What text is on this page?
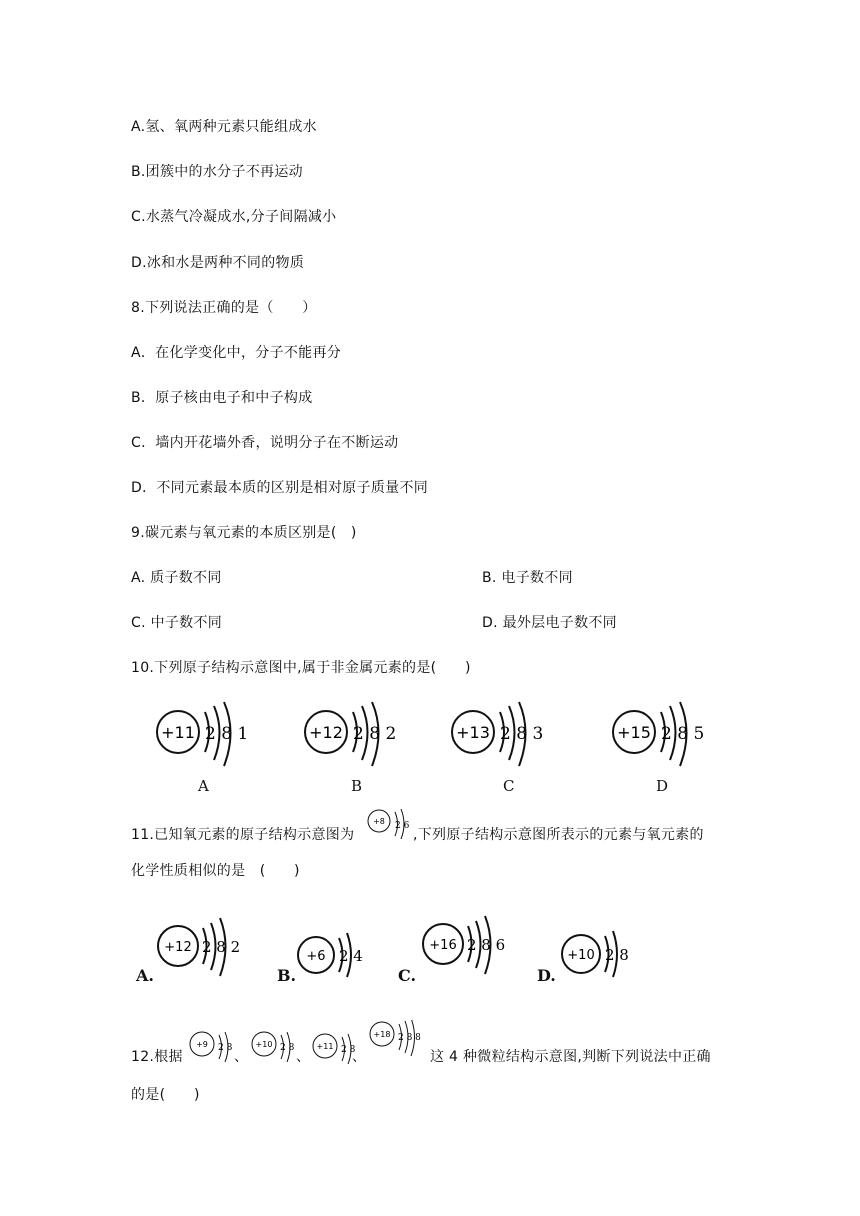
A.氢、氧两种元素只能组成水
B.团簇中的水分子不再运动
C.水蒸气冷凝成水,分子间隔减小
D.冰和水是两种不同的物质
8.下列说法正确的是（　　）
A．在化学变化中，分子不能再分
B．原子核由电子和中子构成
C．墙内开花墙外香，说明分子在不断运动
D．不同元素最本质的区别是相对原子质量不同
9.碳元素与氧元素的本质区别是(　)
A. 质子数不同	B. 电子数不同
C. 中子数不同	D. 最外层电子数不同
10.下列原子结构示意图中,属于非金属元素的是(　　)
+11 2 8 1
A
+12 2 8 2
B
+13 2 8 3
C
+15 2 8 5
D
11.已知氧元素的原子结构示意图为
+8 2 6
,下列原子结构示意图所表示的元素与氧元素的
化学性质相似的是　(　　)
+12 2 8 2
A.
+6 2 4
B.
+16 2 8 6
C.
+10 2 8
D.
12.根据
+9 2 8
、
+10 2 8
、
+11 2 8
、
+18 2 8 8
这 4 种微粒结构示意图,判断下列说法中正确
的是(　　)
